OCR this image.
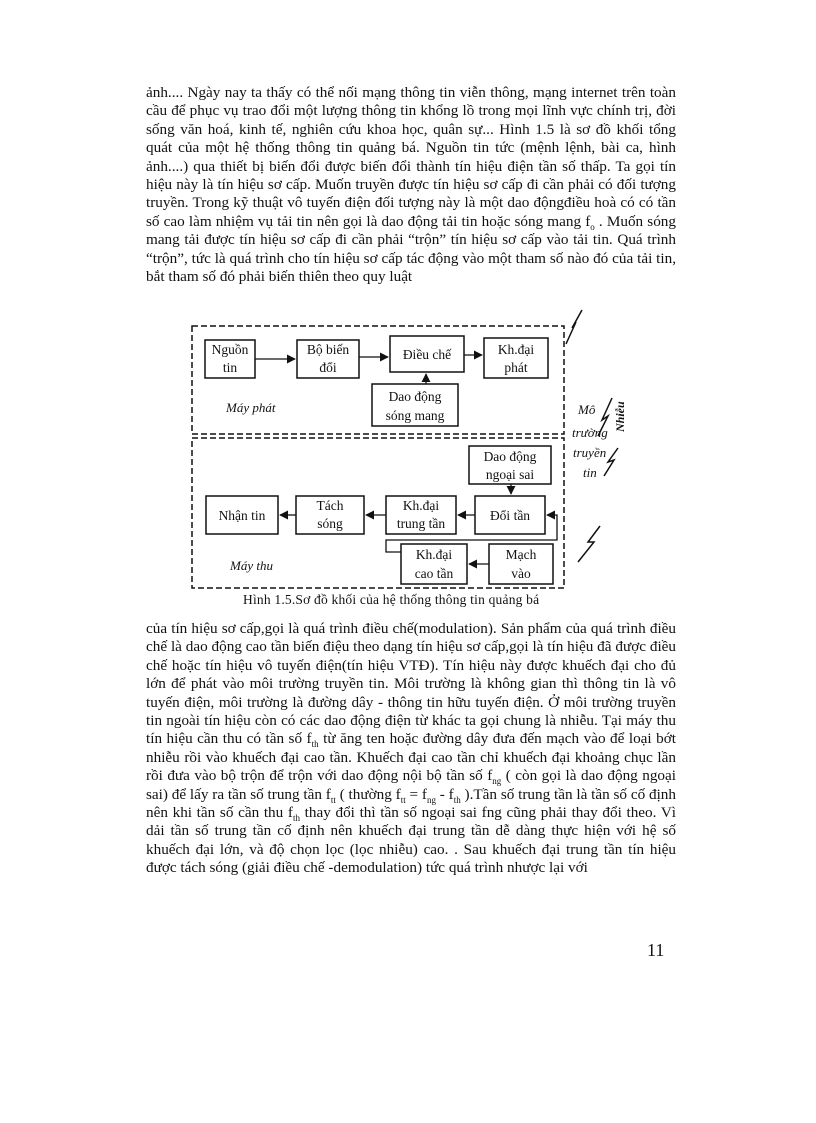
ảnh.... Ngày nay ta thấy có thể nối mạng thông tin viễn thông, mạng internet trên toàn cầu để phục vụ trao đổi một lượng thông tin khổng lồ trong mọi lĩnh vực chính trị, đời sống văn hoá, kinh tế, nghiên cứu khoa học, quân sự... Hình 1.5 là sơ đồ khối tổng quát của một hệ thống thông tin quảng bá. Nguồn tin tức (mệnh lệnh, bài ca, hình ảnh....) qua thiết bị biến đổi được biến đổi thành tín hiệu điện tần số thấp. Ta gọi tín hiệu này là tín hiệu sơ cấp. Muốn truyền được tín hiệu sơ cấp đi cần phải có đối tượng truyền. Trong kỹ thuật vô tuyến điện đối tượng này là một dao độngđiều hoà có có tần số cao làm nhiệm vụ tải tin nên gọi là dao động tải tin hoặc sóng mang $f_o$ . Muốn sóng mang tải được tín hiệu sơ cấp đi cần phải “trộn” tín hiệu sơ cấp vào tải tin. Quá trình “trộn”, tức là quá trình cho tín hiệu sơ cấp tác động vào một tham số nào đó của tải tin, bắt tham số đó phải biến thiên theo quy luật

Nguồn
tin
Bộ biến
đổi
Điều chế	Kh.đại
phát
Dao động
sóng mang
Dao động
ngoại sai
Đổi tần
Kh.đại
trung tần
Tách
sóng
Nhận tin
Kh.đại
cao tần
Mạch
vào
Máy phát
Máy thu
Mô
trường
truyền
tin
Nhiễu
Hình 1.5.Sơ đồ khối của hệ thống thông tin quảng bá

của tín hiệu sơ cấp,gọi là quá trình điều chế(modulation). Sản phẩm của quá trình điều chế là dao động cao tần biến điệu theo dạng tín hiệu sơ cấp,gọi là tín hiệu đã được điều chế hoặc tín hiệu vô tuyến điện(tín hiệu VTĐ). Tín hiệu này được khuếch đại cho đủ lớn để phát vào môi trường truyền tin. Môi trường là không gian thì thông tin là vô tuyến điện, môi trường là đường dây - thông tin hữu tuyến điện. Ở môi trường truyền tin ngoài tín hiệu còn có các dao động điện từ khác ta gọi chung là nhiễu. Tại máy thu tín hiệu cần thu có tần số $f_{th}$ từ ăng ten hoặc đường dây đưa đến mạch vào để loại bớt nhiễu rồi vào khuếch đại cao tần. Khuếch đại cao tần chỉ khuếch đại khoảng chục lần rồi đưa vào bộ trộn để trộn với dao động nội bộ tần số $f_{ng}$ ( còn gọi là dao động ngoại sai) để lấy ra tần số trung tần $f_{tt}$ ( thường $f_{tt} = f_{ng} - f_{th}$ ).Tần số trung tần là tần số cố định nên khi tần số cần thu $f_{th}$ thay đổi thì tần số ngoại sai fng cũng phải thay đổi theo. Vì dải tần số trung tần cố định nên khuếch đại trung tần dễ dàng thực hiện với hệ số khuếch đại lớn, và độ chọn lọc (lọc nhiễu) cao. . Sau khuếch đại trung tần tín hiệu được tách sóng (giải điều chế -demodulation) tức quá trình nhược lại với

11
